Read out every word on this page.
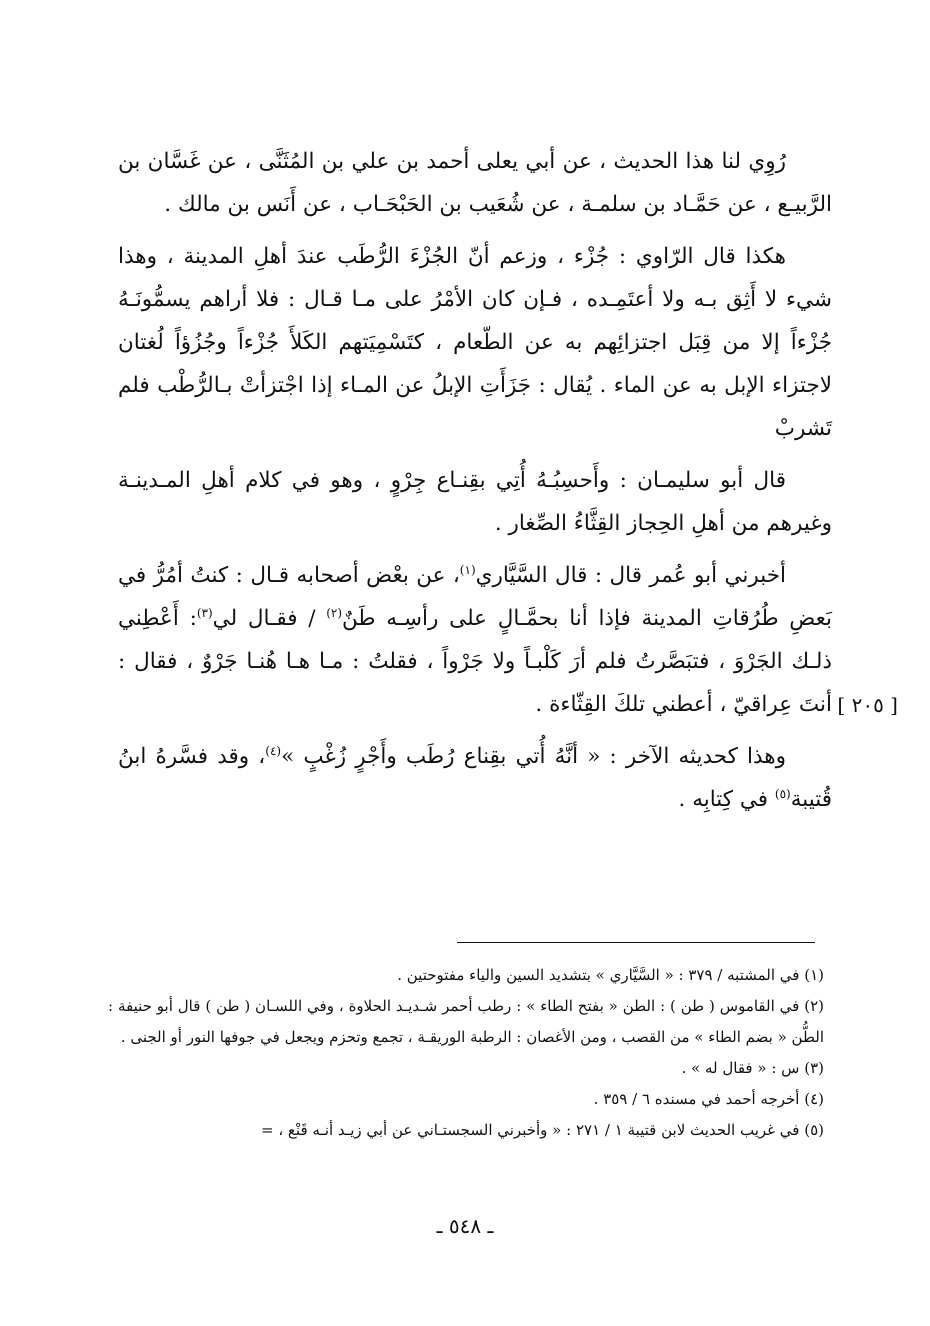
رُوِي لنا هذا الحديث ، عن أبي يعلى أحمد بن علي بن المُثَنَّى ، عن غَسَّان بن الرَّبيـع ، عن حَمَّـاد بن سلمـة ، عن شُعَيب بن الحَبْحَـاب ، عن أَنَس بن مالك .

هكذا قال الرّاوي : جُزْء ، وزعم أنّ الجُزْءَ الرُّطَب عندَ أهلِ المدينة ، وهذا شيء لا أَثِق بـه ولا أعتَمِـده ، فـإن كان الأمْرُ على مـا قـال : فلا أراهم يسمُّونَـهُ جُزْءاً إلا من قِبَل اجتزائِهم به عن الطّعام ، كتَسْمِيَتهم الكَلأَ جُزْءاً وجُزُؤاً لُغتان لاجتزاء الإبل به عن الماء . يُقال : جَزَأَتِ الإبلُ عن المـاء إذا اجْتزأتْ بـالرُّطْب فلم تَشربْ

قال أبو سليمـان : وأَحسِبُـهُ أُتِي بقِنـاع جِرْوٍ ، وهو في كلام أهلِ المـدينـة وغيرهم من أهلِ الحِجاز القِثَّاءُ الصِّغار .

أخبرني أبو عُمر قال : قال السَّيَّاري$^{(١)}$، عن بعْض أصحابه قـال : كنتُ أمُرُّ في بَعضِ طُرُقاتِ المدينة فإذا أنا بحمَّـالٍ على رأسِـه طَنٌ$^{(٢)}$ / فقـال لي$^{(٣)}$: أَعْطِني ذلـك الجَرْوَ ، فتبَصَّرتُ فلم أرَ كَلْبـاً ولا جَرْواً ، فقلتُ : مـا هـا هُنـا جَرْوٌ ، فقال : أنتَ عِراقيّ ، أعطني تلكَ القِثّاءة .

وهذا كحديثه الآخر : « أنَّهُ أُتي بقِناع رُطَب وأَجْرٍ زُغْبٍ »$^{(٤)}$، وقد فسَّرهُ ابنُ قُتيبة$^{(٥)}$ في كِتابِه .

[ ٢٠٥ ]

(١) في المشتبه / ٣٧٩ : « السَّيَّاري » بتشديد السين والياء مفتوحتين .

(٢) في القاموس ( طن ) : الطن « بفتح الطاء » : رطب أحمر شـديـد الحلاوة ، وفي اللسـان ( طن ) قال أبو حنيفة : الطُّن « بضم الطاء » من القصب ، ومن الأغصان : الرطبة الوريقـة ، تجمع وتحزم ويجعل في جوفها النور أو الجنى .

(٣) س : « فقال له » .

(٤) أخرجه أحمد في مسنده ٦ / ٣٥٩ .

(٥) في غريب الحديث لابن قتيبة ١ / ٢٧١ : « وأخبرني السجستـاني عن أبي زيـد أنـه قَنْع ، =

ـ ٥٤٨ ـ
